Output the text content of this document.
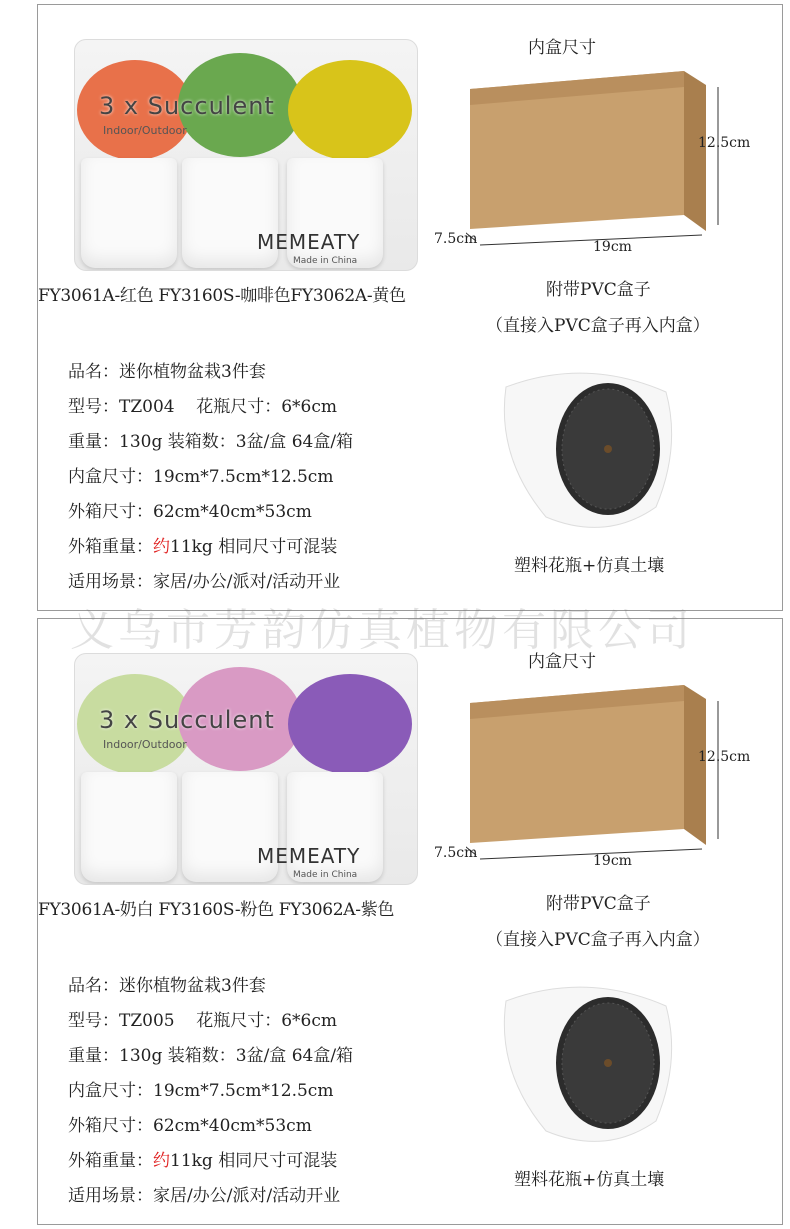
义乌市芳韵仿真植物有限公司
3 x Succulent
Indoor/Outdoor
MEMEATY
Made in China
FY3061A-红色 FY3160S-咖啡色FY3062A-黄色
内盒尺寸
12.5cm
7.5cm	19cm
附带PVC盒子
（直接入PVC盒子再入内盒）
品名：迷你植物盆栽3件套
型号：TZ004 花瓶尺寸：6*6cm
重量：130g 装箱数：3盆/盒 64盒/箱
内盒尺寸：19cm*7.5cm*12.5cm
外箱尺寸：62cm*40cm*53cm
外箱重量：约11kg 相同尺寸可混装
适用场景：家居/办公/派对/活动开业
塑料花瓶+仿真土壤
3 x Succulent
Indoor/Outdoor
MEMEATY
Made in China
FY3061A-奶白 FY3160S-粉色 FY3062A-紫色
内盒尺寸
12.5cm
7.5cm	19cm
附带PVC盒子
（直接入PVC盒子再入内盒）
品名：迷你植物盆栽3件套
型号：TZ005 花瓶尺寸：6*6cm
重量：130g 装箱数：3盆/盒 64盒/箱
内盒尺寸：19cm*7.5cm*12.5cm
外箱尺寸：62cm*40cm*53cm
外箱重量：约11kg 相同尺寸可混装
适用场景：家居/办公/派对/活动开业
塑料花瓶+仿真土壤
